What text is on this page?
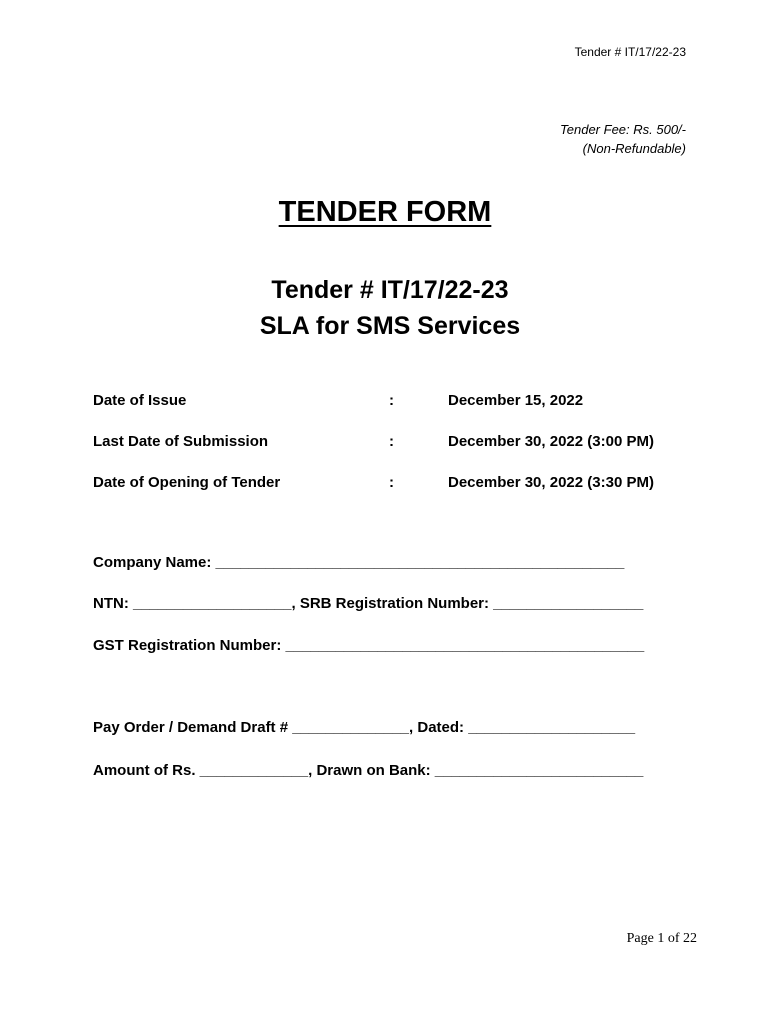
Tender # IT/17/22-23
Tender Fee: Rs. 500/-
(Non-Refundable)
TENDER FORM
Tender # IT/17/22-23
SLA for SMS Services
Date of Issue	:	December 15, 2022
Last Date of Submission	:	December 30, 2022 (3:00 PM)
Date of Opening of Tender	:	December 30, 2022 (3:30 PM)
Company Name: _________________________________________________
NTN: ___________________, SRB Registration Number: __________________
GST Registration Number: ___________________________________________
Pay Order / Demand Draft # ______________, Dated: ____________________
Amount of Rs. _____________, Drawn on Bank: _________________________
Page 1 of 22
